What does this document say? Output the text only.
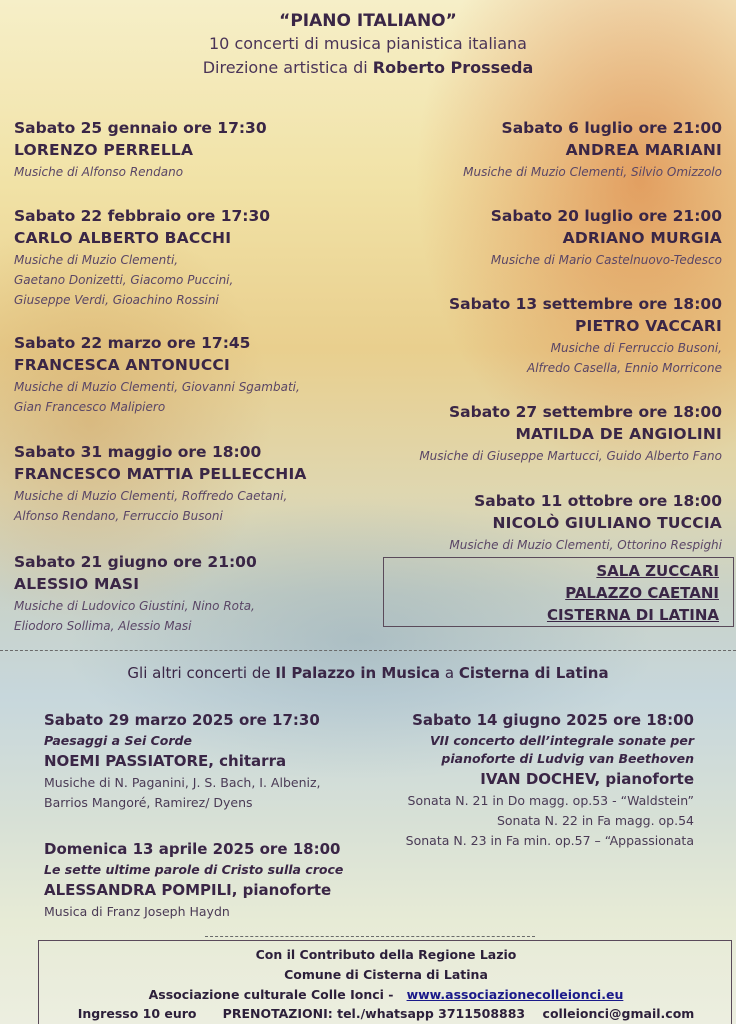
“PIANO ITALIANO”
10 concerti di musica pianistica italiana
Direzione artistica di Roberto Prosseda
Sabato 25 gennaio ore 17:30
LORENZO PERRELLA
Musiche di Alfonso Rendano
Sabato 22 febbraio ore 17:30
CARLO ALBERTO BACCHI
Musiche di Muzio Clementi,
Gaetano Donizetti, Giacomo Puccini,
Giuseppe Verdi, Gioachino Rossini
Sabato 22 marzo ore 17:45
FRANCESCA ANTONUCCI
Musiche di Muzio Clementi, Giovanni Sgambati,
Gian Francesco Malipiero
Sabato 31 maggio ore 18:00
FRANCESCO MATTIA PELLECCHIA
Musiche di Muzio Clementi, Roffredo Caetani,
Alfonso Rendano, Ferruccio Busoni
Sabato 21 giugno ore 21:00
ALESSIO MASI
Musiche di Ludovico Giustini, Nino Rota,
Eliodoro Sollima, Alessio Masi
Sabato 6 luglio ore 21:00
ANDREA MARIANI
Musiche di Muzio Clementi, Silvio Omizzolo
Sabato 20 luglio ore 21:00
ADRIANO MURGIA
Musiche di Mario Castelnuovo-Tedesco
Sabato 13 settembre ore 18:00
PIETRO VACCARI
Musiche di Ferruccio Busoni,
Alfredo Casella, Ennio Morricone
Sabato 27 settembre ore 18:00
MATILDA DE ANGIOLINI
Musiche di Giuseppe Martucci, Guido Alberto Fano
Sabato 11 ottobre ore 18:00
NICOLÒ GIULIANO TUCCIA
Musiche di Muzio Clementi, Ottorino Respighi
SALA ZUCCARI
PALAZZO CAETANI
CISTERNA DI LATINA
Gli altri concerti de Il Palazzo in Musica a Cisterna di Latina
Sabato 29 marzo 2025 ore 17:30
Paesaggi a Sei Corde
NOEMI PASSIATORE, chitarra
Musiche di N. Paganini, J. S. Bach, I. Albeniz,
Barrios Mangoré, Ramirez/ Dyens
Domenica 13 aprile 2025 ore 18:00
Le sette ultime parole di Cristo sulla croce
ALESSANDRA POMPILI, pianoforte
Musica di Franz Joseph Haydn
Sabato 14 giugno 2025 ore 18:00
VII concerto dell’integrale sonate per
pianoforte di Ludvig van Beethoven
IVAN DOCHEV, pianoforte
Sonata N. 21 in Do magg. op.53 - “Waldstein”
Sonata N. 22 in Fa magg. op.54
Sonata N. 23 in Fa min. op.57 – “Appassionata
Con il Contributo della Regione Lazio
Comune di Cisterna di Latina
Associazione culturale Colle Ionci - www.associazionecolleionci.eu
Ingresso 10 euro PRENOTAZIONI: tel./whatsapp 3711508883 colleionci@gmail.com
